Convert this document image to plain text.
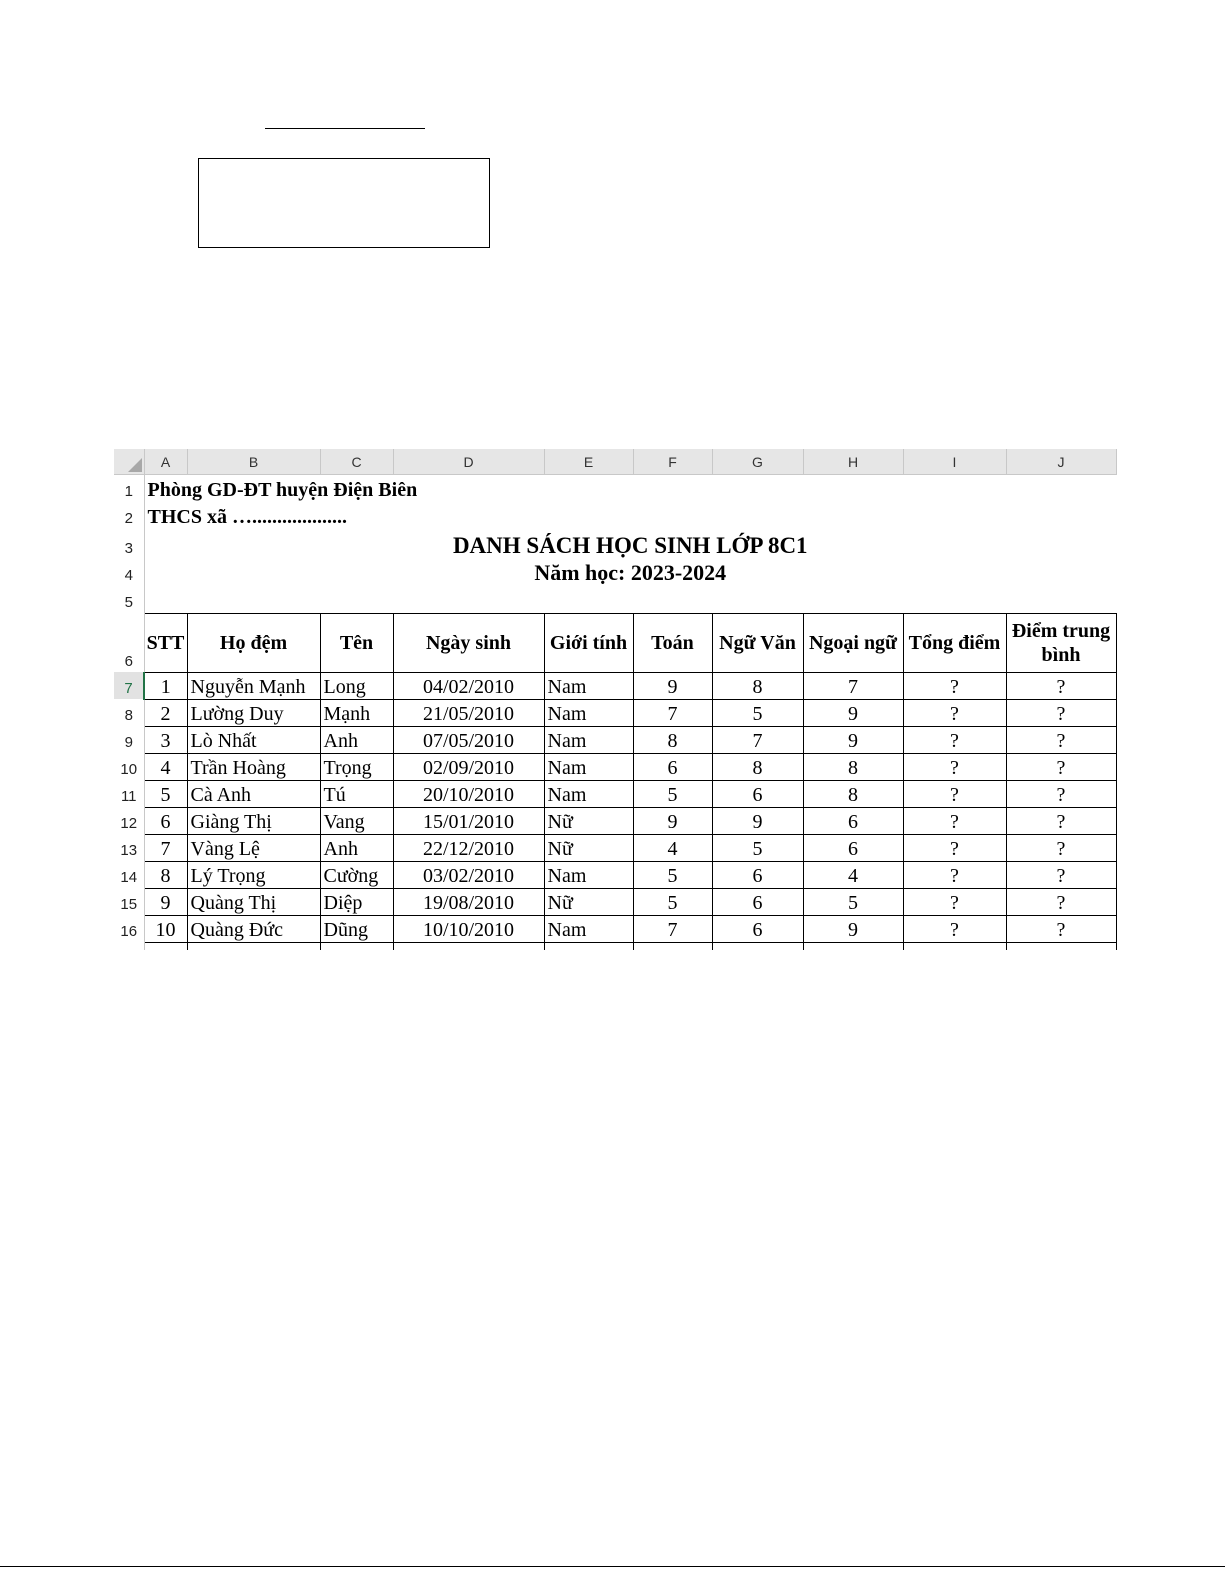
	A	B	C	D	E	F	G	H	I	J
1	Phòng GD-ĐT huyện Điện Biên									
2	THCS xã …...................									
3	DANH SÁCH HỌC SINH LỚP 8C1									
4	Năm học: 2023-2024									
5										
6	STT	Họ đệm	Tên	Ngày sinh	Giới tính	Toán	Ngữ Văn	Ngoại ngữ	Tổng điểm	Điểm trung bình
7	1	Nguyễn Mạnh	Long	04/02/2010	Nam	9	8	7	?	?
8	2	Lường Duy	Mạnh	21/05/2010	Nam	7	5	9	?	?
9	3	Lò Nhất	Anh	07/05/2010	Nam	8	7	9	?	?
10	4	Trần Hoàng	Trọng	02/09/2010	Nam	6	8	8	?	?
11	5	Cà Anh	Tú	20/10/2010	Nam	5	6	8	?	?
12	6	Giàng Thị	Vang	15/01/2010	Nữ	9	9	6	?	?
13	7	Vàng Lệ	Anh	22/12/2010	Nữ	4	5	6	?	?
14	8	Lý Trọng	Cường	03/02/2010	Nam	5	6	4	?	?
15	9	Quàng Thị	Diệp	19/08/2010	Nữ	5	6	5	?	?
16	10	Quàng Đức	Dũng	10/10/2010	Nam	7	6	9	?	?
